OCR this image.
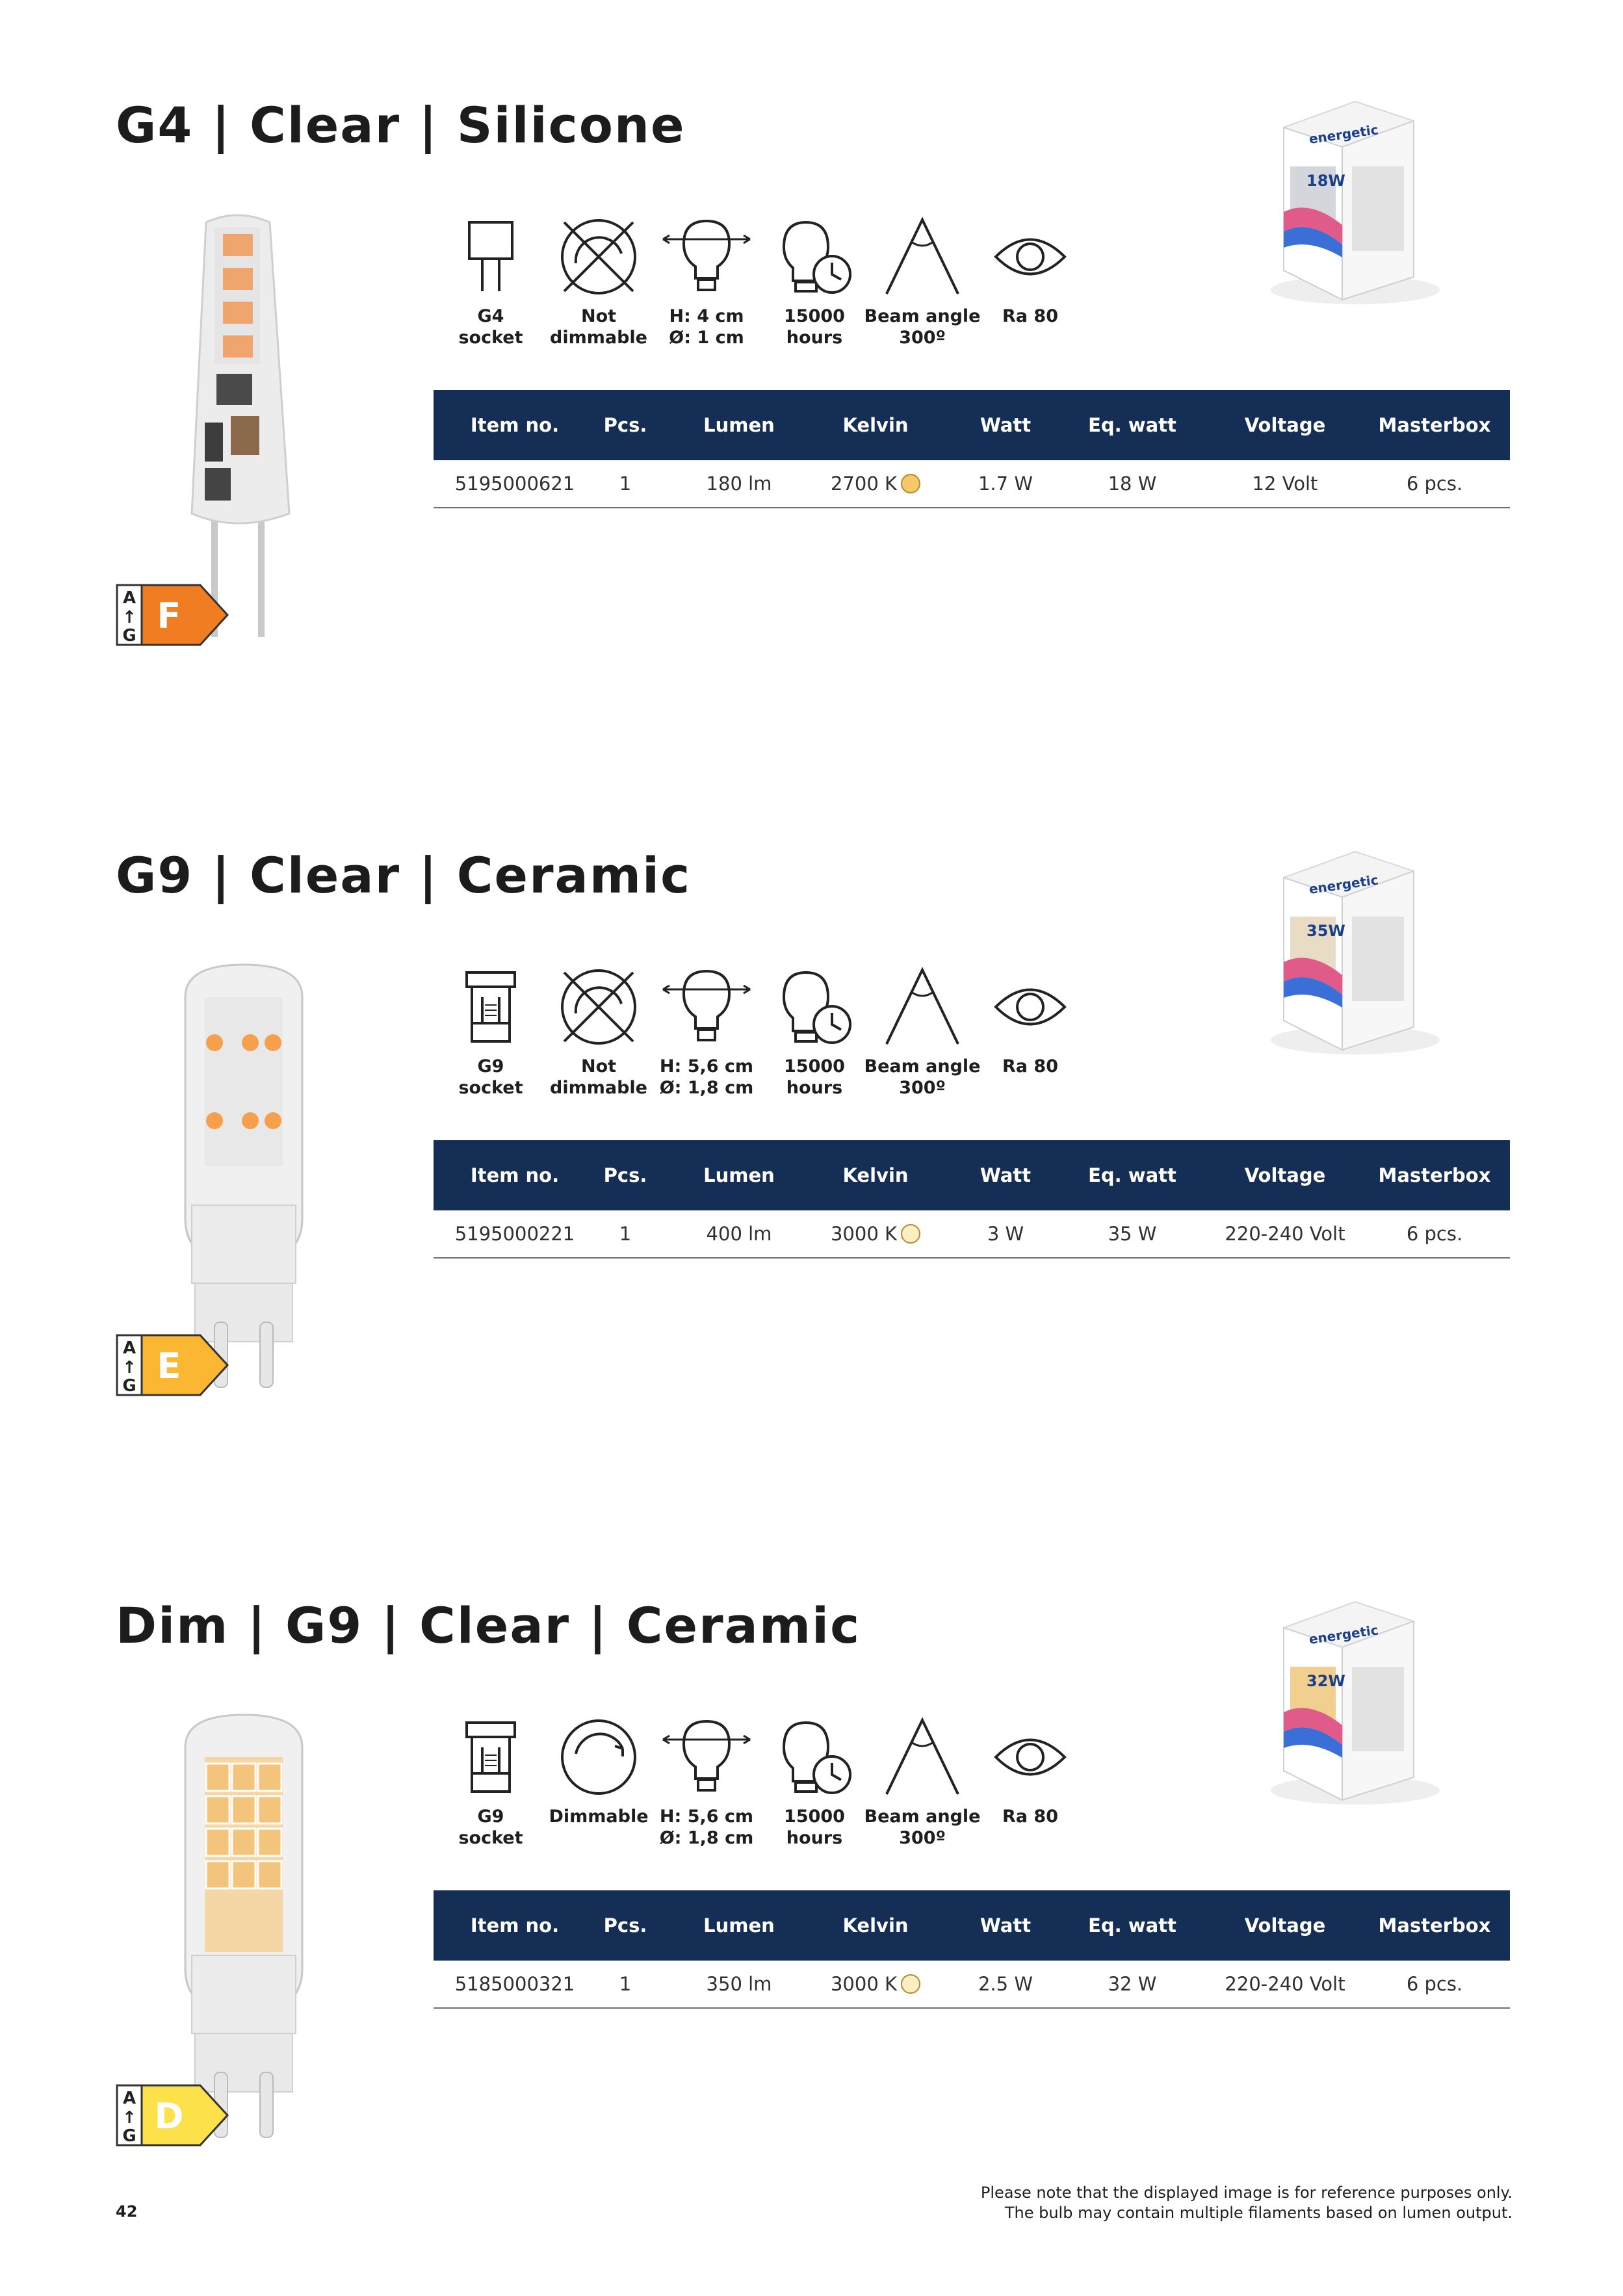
G4 | Clear | Silicone
A
↑
G F
energetic
18W
G4
socket
Not
dimmable
H: 4 cm
Ø: 1 cm
15000
hours
Beam angle
300º
Ra 80
Item no.	Pcs.	Lumen	Kelvin	Watt	Eq. watt	Voltage	Masterbox
5195000621	1	180 lm	2700 K	1.7 W	18 W	12 Volt	6 pcs.
G9 | Clear | Ceramic
A
↑
G E
energetic
35W
G9
socket
Not
dimmable
H: 5,6 cm
Ø: 1,8 cm
15000
hours
Beam angle
300º
Ra 80
Item no.	Pcs.	Lumen	Kelvin	Watt	Eq. watt	Voltage	Masterbox
5195000221	1	400 lm	3000 K	3 W	35 W	220-240 Volt	6 pcs.
Dim | G9 | Clear | Ceramic
A
↑
G D
energetic
32W
G9
socket
Dimmable H: 5,6 cm
Ø: 1,8 cm
15000
hours
Beam angle
300º
Ra 80
Item no.	Pcs.	Lumen	Kelvin	Watt	Eq. watt	Voltage	Masterbox
5185000321	1	350 lm	3000 K	2.5 W	32 W	220-240 Volt	6 pcs.
Please note that the displayed image is for reference purposes only.
The bulb may contain multiple filaments based on lumen output.
42
